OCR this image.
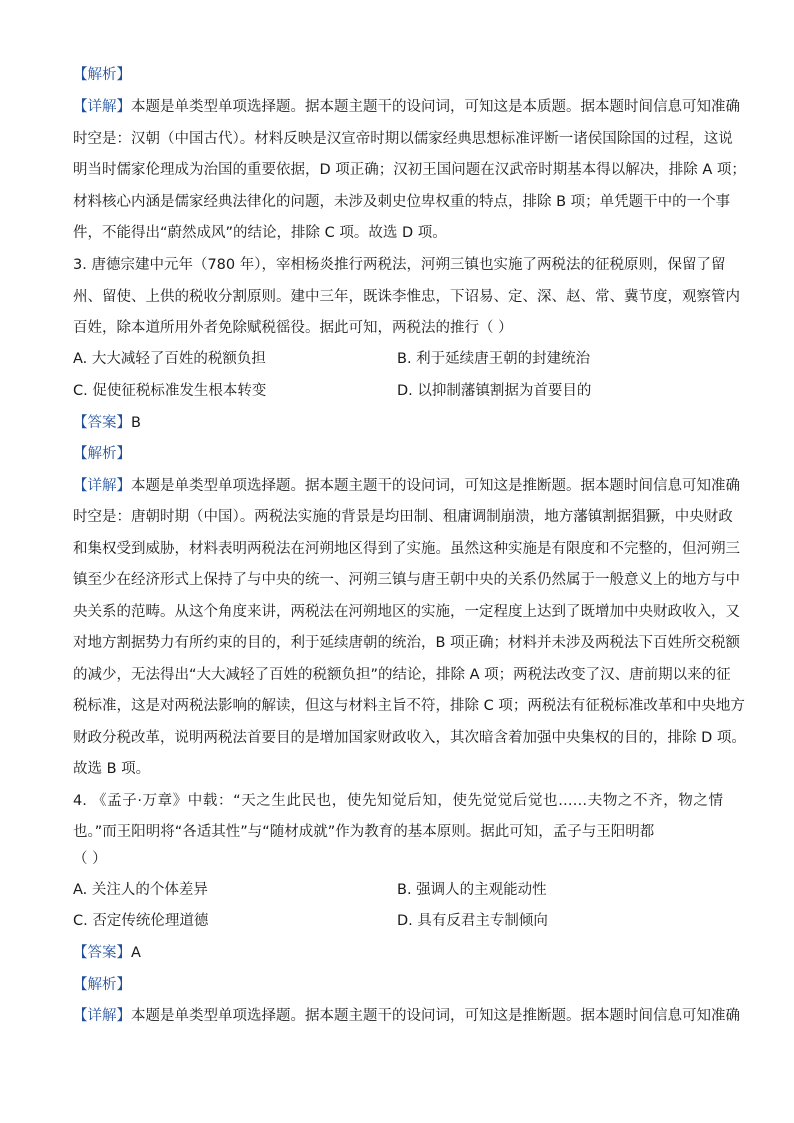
【解析】
【详解】本题是单类型单项选择题。据本题主题干的设问词，可知这是本质题。据本题时间信息可知准确
时空是：汉朝（中国古代）。材料反映是汉宣帝时期以儒家经典思想标准评断一诸侯国除国的过程，这说
明当时儒家伦理成为治国的重要依据，D 项正确；汉初王国问题在汉武帝时期基本得以解决，排除 A 项；
材料核心内涵是儒家经典法律化的问题，未涉及刺史位卑权重的特点，排除 B 项；单凭题干中的一个事
件，不能得出“蔚然成风”的结论，排除 C 项。故选 D 项。
3. 唐德宗建中元年（780 年），宰相杨炎推行两税法，河朔三镇也实施了两税法的征税原则，保留了留
州、留使、上供的税收分割原则。建中三年，既诛李惟忠，下诏易、定、深、赵、常、冀节度，观察管内
百姓，除本道所用外者免除赋税徭役。据此可知，两税法的推行（ ）
A. 大大减轻了百姓的税额负担	B. 利于延续唐王朝的封建统治
C. 促使征税标准发生根本转变	D. 以抑制藩镇割据为首要目的
【答案】B
【解析】
【详解】本题是单类型单项选择题。据本题主题干的设问词，可知这是推断题。据本题时间信息可知准确
时空是：唐朝时期（中国）。两税法实施的背景是均田制、租庸调制崩溃，地方藩镇割据猖獗，中央财政
和集权受到威胁，材料表明两税法在河朔地区得到了实施。虽然这种实施是有限度和不完整的，但河朔三
镇至少在经济形式上保持了与中央的统一、河朔三镇与唐王朝中央的关系仍然属于一般意义上的地方与中
央关系的范畴。从这个角度来讲，两税法在河朔地区的实施，一定程度上达到了既增加中央财政收入，又
对地方割据势力有所约束的目的，利于延续唐朝的统治，B 项正确；材料并未涉及两税法下百姓所交税额
的减少，无法得出“大大减轻了百姓的税额负担”的结论，排除 A 项；两税法改变了汉、唐前期以来的征
税标准，这是对两税法影响的解读，但这与材料主旨不符，排除 C 项；两税法有征税标准改革和中央地方
财政分税改革，说明两税法首要目的是增加国家财政收入，其次暗含着加强中央集权的目的，排除 D 项。
故选 B 项。
4. 《孟子·万章》中载：“天之生此民也，使先知觉后知，使先觉觉后觉也……夫物之不齐，物之情
也。”而王阳明将“各适其性”与“随材成就”作为教育的基本原则。据此可知，孟子与王阳明都
（ ）
A. 关注人的个体差异	B. 强调人的主观能动性
C. 否定传统伦理道德	D. 具有反君主专制倾向
【答案】A
【解析】
【详解】本题是单类型单项选择题。据本题主题干的设问词，可知这是推断题。据本题时间信息可知准确
